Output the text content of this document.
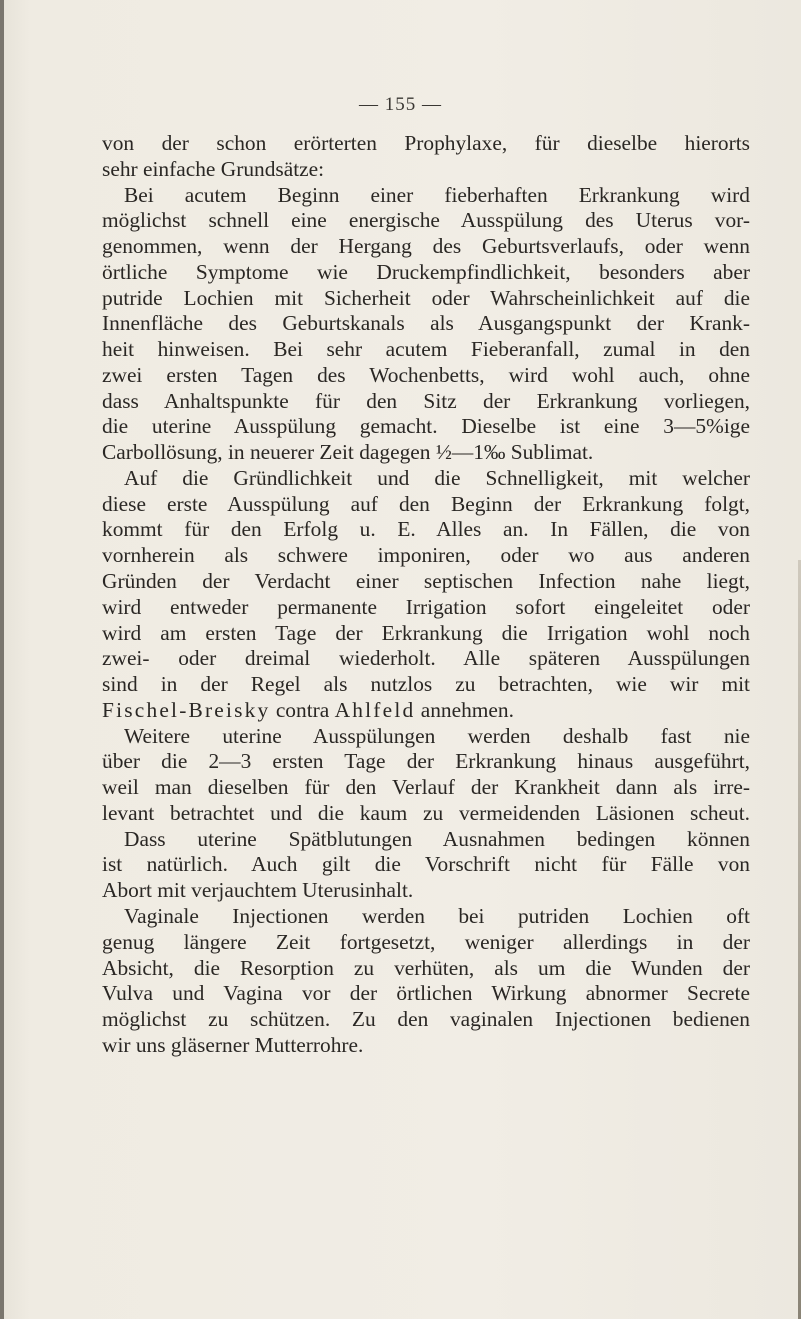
— 155 —
von der schon erörterten Prophylaxe, für dieselbe hierorts
sehr einfache Grundsätze:
Bei acutem Beginn einer fieberhaften Erkrankung wird
möglichst schnell eine energische Ausspülung des Uterus vor-
genommen, wenn der Hergang des Geburtsverlaufs, oder wenn
örtliche Symptome wie Druckempfindlichkeit, besonders aber
putride Lochien mit Sicherheit oder Wahrscheinlichkeit auf die
Innenfläche des Geburtskanals als Ausgangspunkt der Krank-
heit hinweisen. Bei sehr acutem Fieberanfall, zumal in den
zwei ersten Tagen des Wochenbetts, wird wohl auch, ohne
dass Anhaltspunkte für den Sitz der Erkrankung vorliegen,
die uterine Ausspülung gemacht. Dieselbe ist eine 3—5%ige
Carbollösung, in neuerer Zeit dagegen ½—1‰ Sublimat.
Auf die Gründlichkeit und die Schnelligkeit, mit welcher
diese erste Ausspülung auf den Beginn der Erkrankung folgt,
kommt für den Erfolg u. E. Alles an. In Fällen, die von
vornherein als schwere imponiren, oder wo aus anderen
Gründen der Verdacht einer septischen Infection nahe liegt,
wird entweder permanente Irrigation sofort eingeleitet oder
wird am ersten Tage der Erkrankung die Irrigation wohl noch
zwei- oder dreimal wiederholt. Alle späteren Ausspülungen
sind in der Regel als nutzlos zu betrachten, wie wir mit
Fischel-Breisky contra Ahlfeld annehmen.
Weitere uterine Ausspülungen werden deshalb fast nie
über die 2—3 ersten Tage der Erkrankung hinaus ausgeführt,
weil man dieselben für den Verlauf der Krankheit dann als irre-
levant betrachtet und die kaum zu vermeidenden Läsionen scheut.
Dass uterine Spätblutungen Ausnahmen bedingen können
ist natürlich. Auch gilt die Vorschrift nicht für Fälle von
Abort mit verjauchtem Uterusinhalt.
Vaginale Injectionen werden bei putriden Lochien oft
genug längere Zeit fortgesetzt, weniger allerdings in der
Absicht, die Resorption zu verhüten, als um die Wunden der
Vulva und Vagina vor der örtlichen Wirkung abnormer Secrete
möglichst zu schützen. Zu den vaginalen Injectionen bedienen
wir uns gläserner Mutterrohre.
